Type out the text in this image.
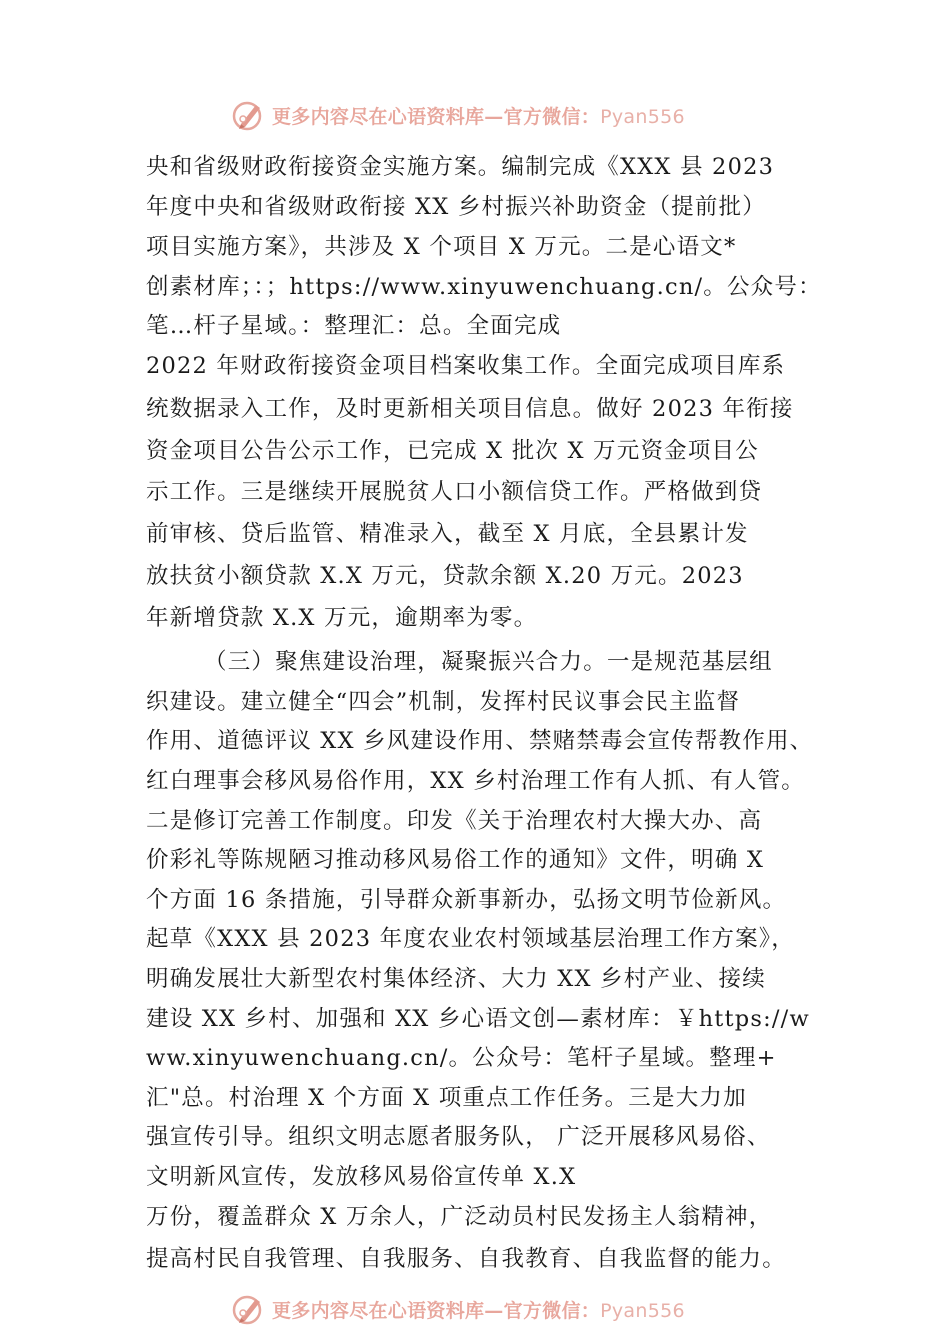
更多内容尽在心语资料库—官方微信：Pyan556
央和省级财政衔接资金实施方案。编制完成《XXX 县 2023
年度中央和省级财政衔接 XX 乡村振兴补助资金（提前批）
项目实施方案》，共涉及 X 个项目 X 万元。二是心语文*
创素材库；：；https://www.xinyuwenchuang.cn/。公众号：
笔…杆子星域。：整理汇：总。全面完成
2022 年财政衔接资金项目档案收集工作。全面完成项目库系
统数据录入工作，及时更新相关项目信息。做好 2023 年衔接
资金项目公告公示工作，已完成 X 批次 X 万元资金项目公
示工作。三是继续开展脱贫人口小额信贷工作。严格做到贷
前审核、贷后监管、精准录入，截至 X 月底，全县累计发
放扶贫小额贷款 X.X 万元，贷款余额 X.20 万元。2023
年新增贷款 X.X 万元，逾期率为零。
（三）聚焦建设治理，凝聚振兴合力。一是规范基层组
织建设。建立健全“四会”机制，发挥村民议事会民主监督
作用、道德评议 XX 乡风建设作用、禁赌禁毒会宣传帮教作用、
红白理事会移风易俗作用，XX 乡村治理工作有人抓、有人管。
二是修订完善工作制度。印发《关于治理农村大操大办、高
价彩礼等陈规陋习推动移风易俗工作的通知》文件，明确 X
个方面 16 条措施，引导群众新事新办，弘扬文明节俭新风。
起草《XXX 县 2023 年度农业农村领域基层治理工作方案》，
明确发展壮大新型农村集体经济、大力 XX 乡村产业、接续
建设 XX 乡村、加强和 XX 乡心语文创—素材库：￥https://w
ww.xinyuwenchuang.cn/。公众号：笔杆子星域。整理+
汇"总。村治理 X 个方面 X 项重点工作任务。三是大力加
强宣传引导。组织文明志愿者服务队， 广泛开展移风易俗、
文明新风宣传，发放移风易俗宣传单 X.X
万份，覆盖群众 X 万余人，广泛动员村民发扬主人翁精神，
提高村民自我管理、自我服务、自我教育、自我监督的能力。
更多内容尽在心语资料库—官方微信：Pyan556
